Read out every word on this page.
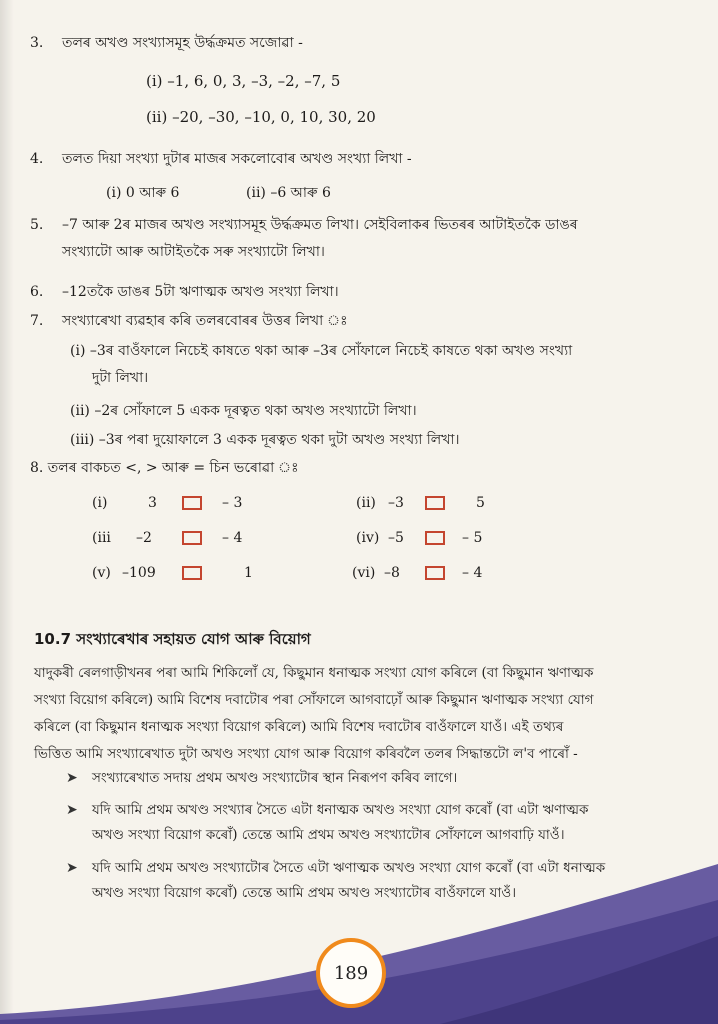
3. তলৰ অখণ্ড সংখ্যাসমূহ উৰ্দ্ধক্ৰমত সজোৱা -
(i) –1, 6, 0, 3, –3, –2, –7, 5
(ii) –20, –30, –10, 0, 10, 30, 20
4. তলত দিয়া সংখ্যা দুটাৰ মাজৰ সকলোবোৰ অখণ্ড সংখ্যা লিখা -
(i) 0 আৰু 6	(ii) –6 আৰু 6
5. –7 আৰু 2ৰ মাজৰ অখণ্ড সংখ্যাসমূহ উৰ্দ্ধক্ৰমত লিখা। সেইবিলাকৰ ভিতৰৰ আটাইতকৈ ডাঙৰ
সংখ্যাটো আৰু আটাইতকৈ সৰু সংখ্যাটো লিখা।
6. –12তকৈ ডাঙৰ 5টা ঋণাত্মক অখণ্ড সংখ্যা লিখা।
7. সংখ্যাৰেখা ব্যৱহাৰ কৰি তলৰবোৰৰ উত্তৰ লিখা ঃ
(i) –3ৰ বাওঁফালে নিচেই কাষতে থকা আৰু –3ৰ সোঁফালে নিচেই কাষতে থকা অখণ্ড সংখ্যা
দুটা লিখা।
(ii) –2ৰ সোঁফালে 5 একক দূৰত্বত থকা অখণ্ড সংখ্যাটো লিখা।
(iii) –3ৰ পৰা দুয়োফালে 3 একক দূৰত্বত থকা দুটা অখণ্ড সংখ্যা লিখা।
8. তলৰ বাকচত <, > আৰু = চিন ভৰোৱা ঃ
(i)	3	– 3	(ii) –3	5
(iii –2	– 4	(iv) –5	– 5
(v) –109	1	(vi) –8	– 4
10.7 সংখ্যাৰেখাৰ সহায়ত যোগ আৰু বিয়োগ
যাদুকৰী ৰেলগাড়ীখনৰ পৰা আমি শিকিলোঁ যে, কিছুমান ধনাত্মক সংখ্যা যোগ কৰিলে (বা কিছুমান ঋণাত্মক
সংখ্যা বিয়োগ কৰিলে) আমি বিশেষ দবাটোৰ পৰা সোঁফালে আগবাঢ়োঁ আৰু কিছুমান ঋণাত্মক সংখ্যা যোগ
কৰিলে (বা কিছুমান ধনাত্মক সংখ্যা বিয়োগ কৰিলে) আমি বিশেষ দবাটোৰ বাওঁফালে যাওঁ। এই তথ্যৰ
ভিত্তিত আমি সংখ্যাৰেখাত দুটা অখণ্ড সংখ্যা যোগ আৰু বিয়োগ কৰিবলৈ তলৰ সিদ্ধান্তটো ল'ব পাৰোঁ -
➤ সংখ্যাৰেখাত সদায় প্ৰথম অখণ্ড সংখ্যাটোৰ স্থান নিৰূপণ কৰিব লাগে।
➤ যদি আমি প্ৰথম অখণ্ড সংখ্যাৰ সৈতে এটা ধনাত্মক অখণ্ড সংখ্যা যোগ কৰোঁ (বা এটা ঋণাত্মক
অখণ্ড সংখ্যা বিয়োগ কৰোঁ) তেন্তে আমি প্ৰথম অখণ্ড সংখ্যাটোৰ সোঁফালে আগবাঢ়ি যাওঁ।
➤ যদি আমি প্ৰথম অখণ্ড সংখ্যাটোৰ সৈতে এটা ঋণাত্মক অখণ্ড সংখ্যা যোগ কৰোঁ (বা এটা ধনাত্মক
অখণ্ড সংখ্যা বিয়োগ কৰোঁ) তেন্তে আমি প্ৰথম অখণ্ড সংখ্যাটোৰ বাওঁফালে যাওঁ।
189
